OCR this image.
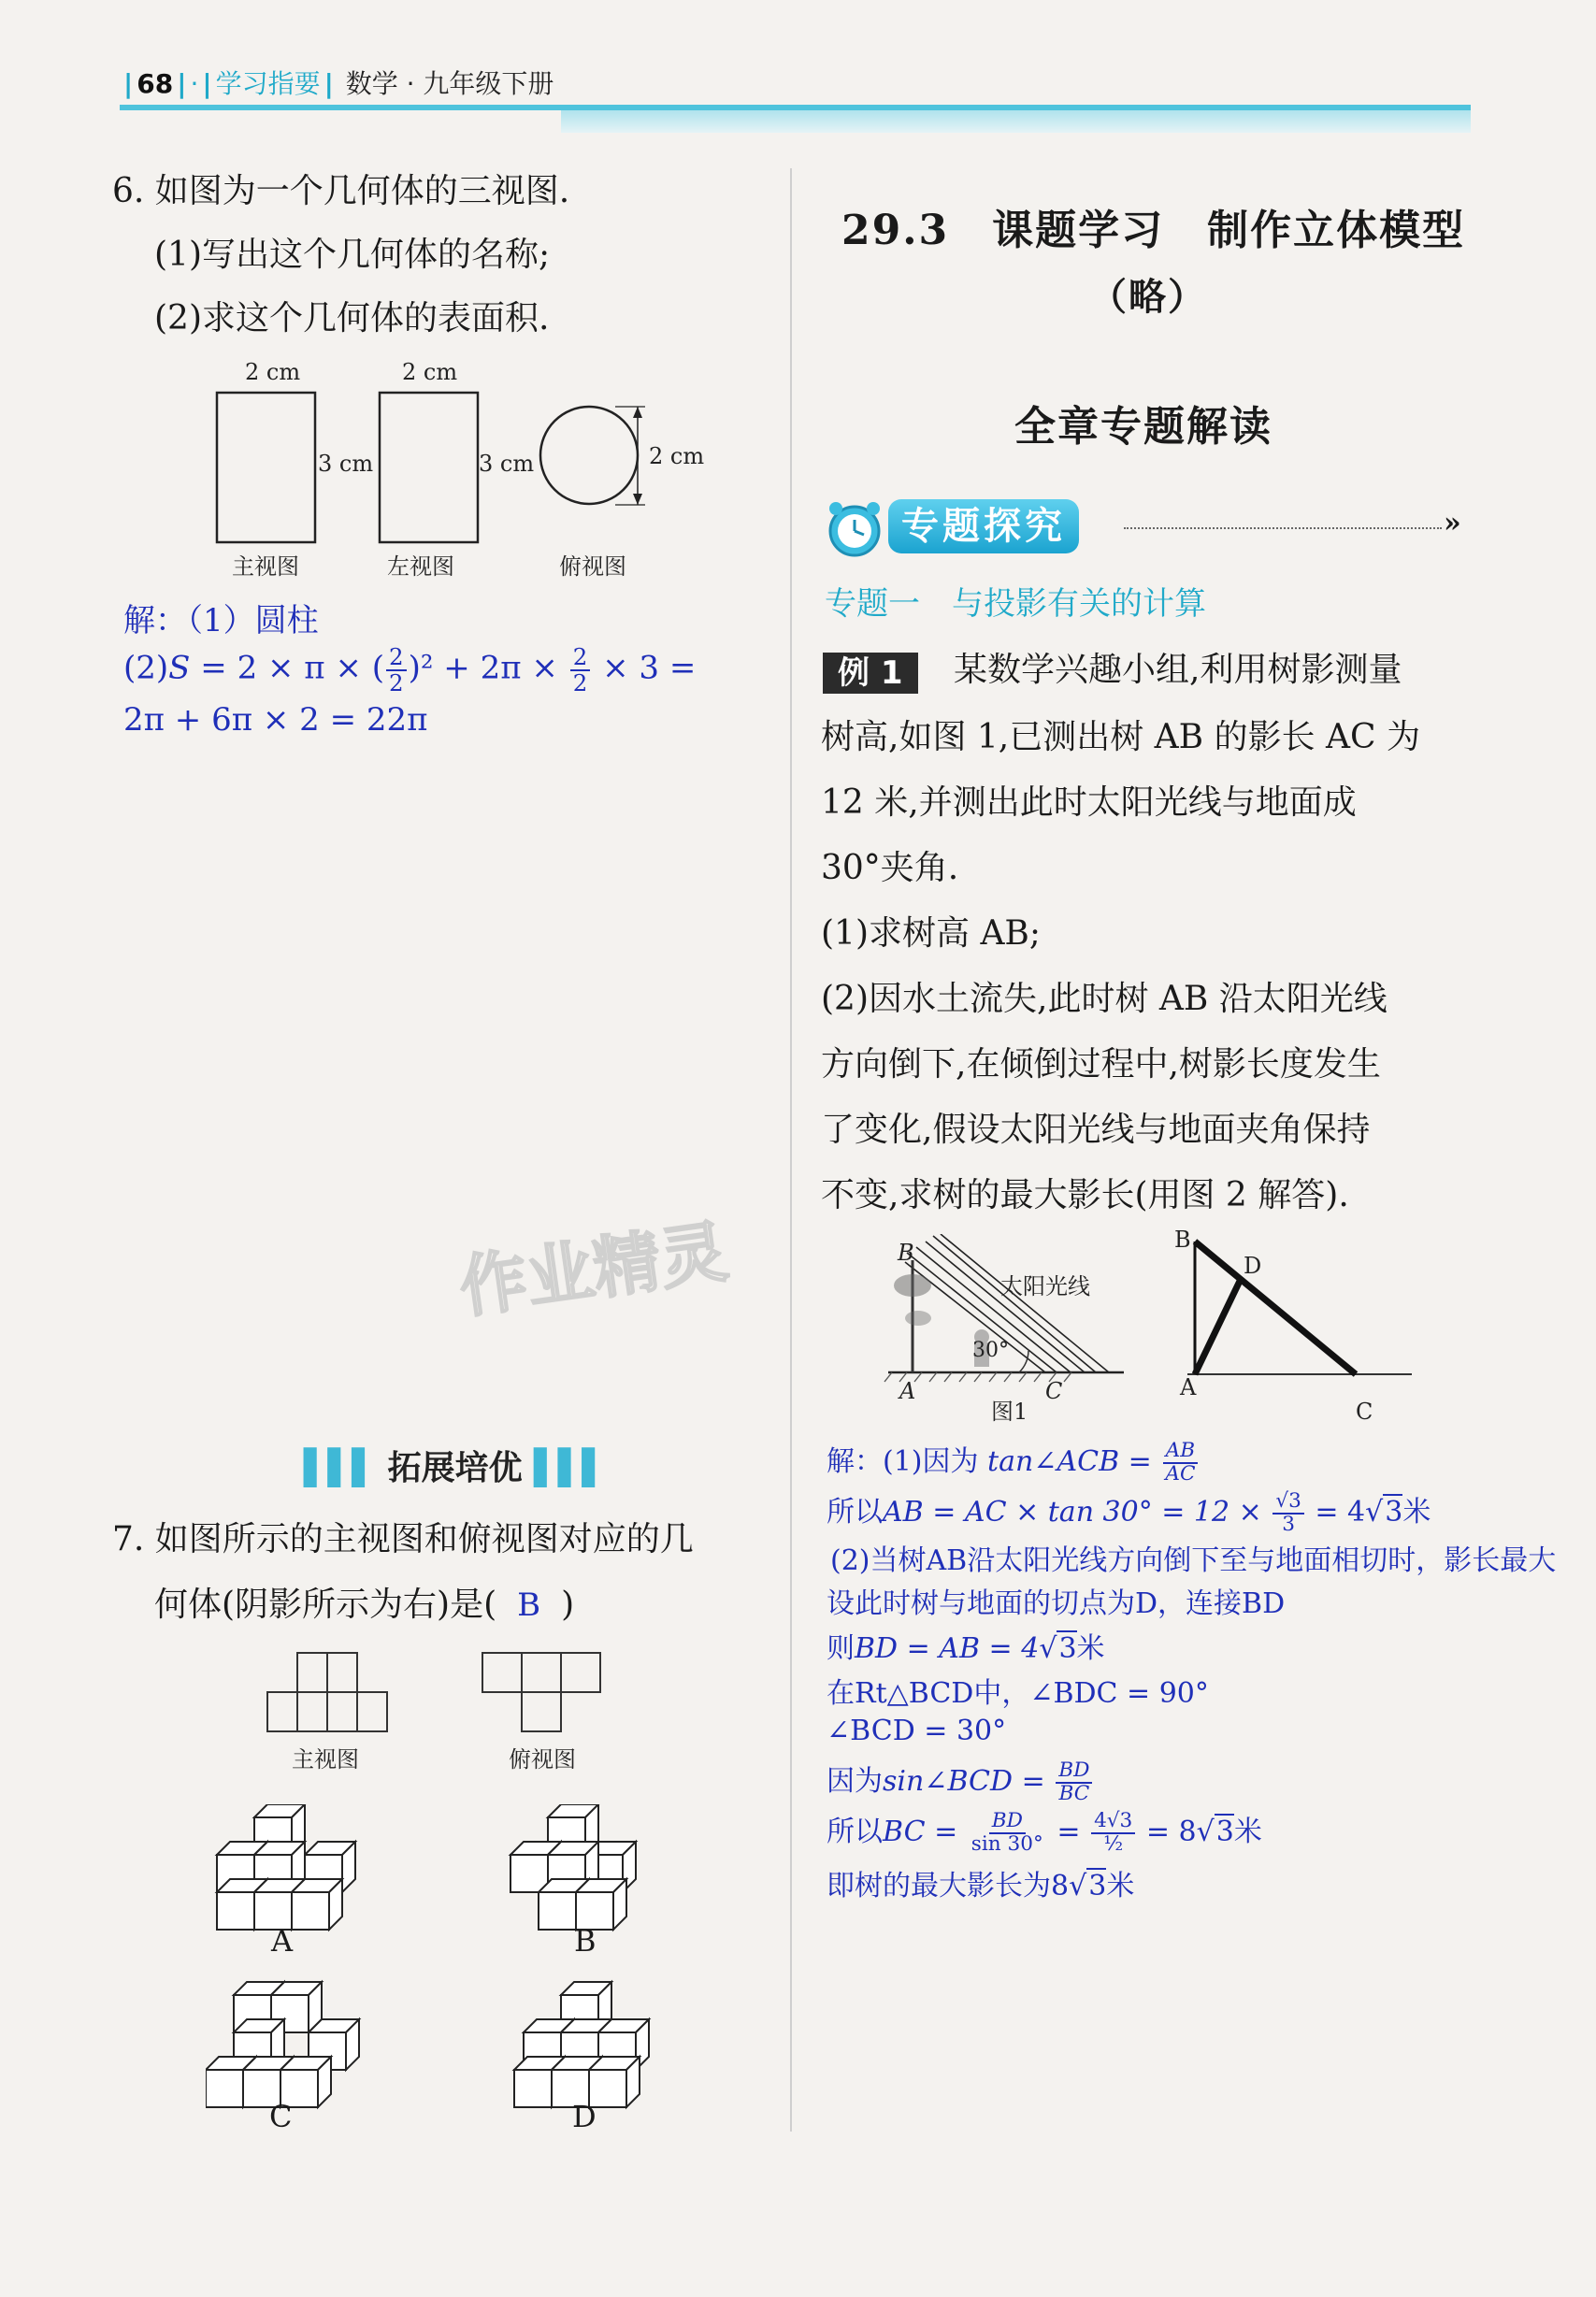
| 68 | · | 学习指要 | 数学 · 九年级下册
6. 如图为一个几何体的三视图.
(1)写出这个几何体的名称;
(2)求这个几何体的表面积.
2 cm
3 cm
2 cm
3 cm	2 cm
主视图	左视图	俯视图
解：（1）圆柱
(2)S = 2 × π × ( $\frac{2}{2} )^2 + 2\pi \times \frac{2}{2} \times 3$ =
2π + 6π × 2 = 22π
作业精灵
▌▌▌ 拓展培优 ▌▌▌
7. 如图所示的主视图和俯视图对应的几
何体(阴影所示为右)是( B )
主视图	俯视图
A	B
C	D
29.3　课题学习　制作立体模型
（略）
全章专题解读
专题探究	»
专题一　与投影有关的计算
例 1	某数学兴趣小组,利用树影测量
树高,如图 1,已测出树 AB 的影长 AC 为
12 米,并测出此时太阳光线与地面成
30°夹角.
(1)求树高 AB;
(2)因水土流失,此时树 AB 沿太阳光线
方向倒下,在倾倒过程中,树影长度发生
了变化,假设太阳光线与地面夹角保持
不变,求树的最大影长(用图 2 解答).
B
太阳光线
30°
A	C
图1
B
D
A
C
解：(1)因为 tan∠ACB = $\frac{AB}{AC}$
所以AB = AC × $\tan 30^\circ = 12 \times \frac{√3}{3} = 4√3$米
(2)当树AB沿太阳光线方向倒下至与地面相切时，影长最大
设此时树与地面的切点为D，连接BD
则BD = AB = 4√3米
在Rt△BCD中，∠BDC = 90°
∠BCD = 30°
因为sin∠BCD = $\frac{BD}{BC}$
所以BC = $\frac{BD}{\sin 30^\circ} = \frac{4√3}{\text{½}} = 8√3$米
即树的最大影长为8√3米
